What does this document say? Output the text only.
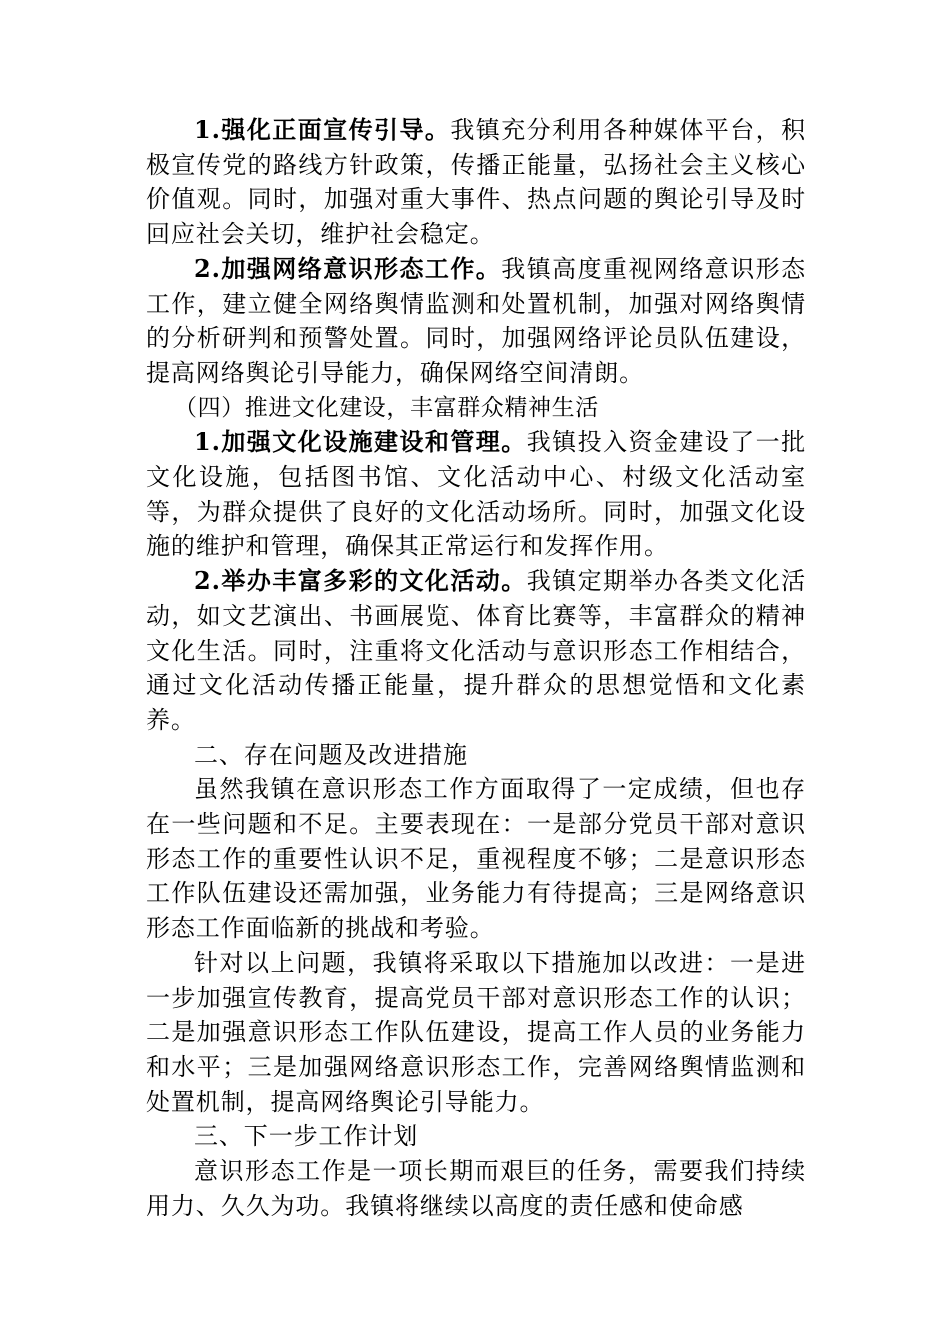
1.强化正面宣传引导。我镇充分利用各种媒体平台，积极宣传党的路线方针政策，传播正能量，弘扬社会主义核心价值观。同时，加强对重大事件、热点问题的舆论引导及时回应社会关切，维护社会稳定。

2.加强网络意识形态工作。我镇高度重视网络意识形态工作，建立健全网络舆情监测和处置机制，加强对网络舆情的分析研判和预警处置。同时，加强网络评论员队伍建设，提高网络舆论引导能力，确保网络空间清朗。

（四）推进文化建设，丰富群众精神生活

1.加强文化设施建设和管理。我镇投入资金建设了一批文化设施，包括图书馆、文化活动中心、村级文化活动室等，为群众提供了良好的文化活动场所。同时，加强文化设施的维护和管理，确保其正常运行和发挥作用。

2.举办丰富多彩的文化活动。我镇定期举办各类文化活动，如文艺演出、书画展览、体育比赛等，丰富群众的精神文化生活。同时，注重将文化活动与意识形态工作相结合，通过文化活动传播正能量，提升群众的思想觉悟和文化素养。

二、存在问题及改进措施

虽然我镇在意识形态工作方面取得了一定成绩，但也存在一些问题和不足。主要表现在：一是部分党员干部对意识形态工作的重要性认识不足，重视程度不够；二是意识形态工作队伍建设还需加强，业务能力有待提高；三是网络意识形态工作面临新的挑战和考验。

针对以上问题，我镇将采取以下措施加以改进：一是进一步加强宣传教育，提高党员干部对意识形态工作的认识；二是加强意识形态工作队伍建设，提高工作人员的业务能力和水平；三是加强网络意识形态工作，完善网络舆情监测和处置机制，提高网络舆论引导能力。

三、下一步工作计划

意识形态工作是一项长期而艰巨的任务，需要我们持续用力、久久为功。我镇将继续以高度的责任感和使命感
